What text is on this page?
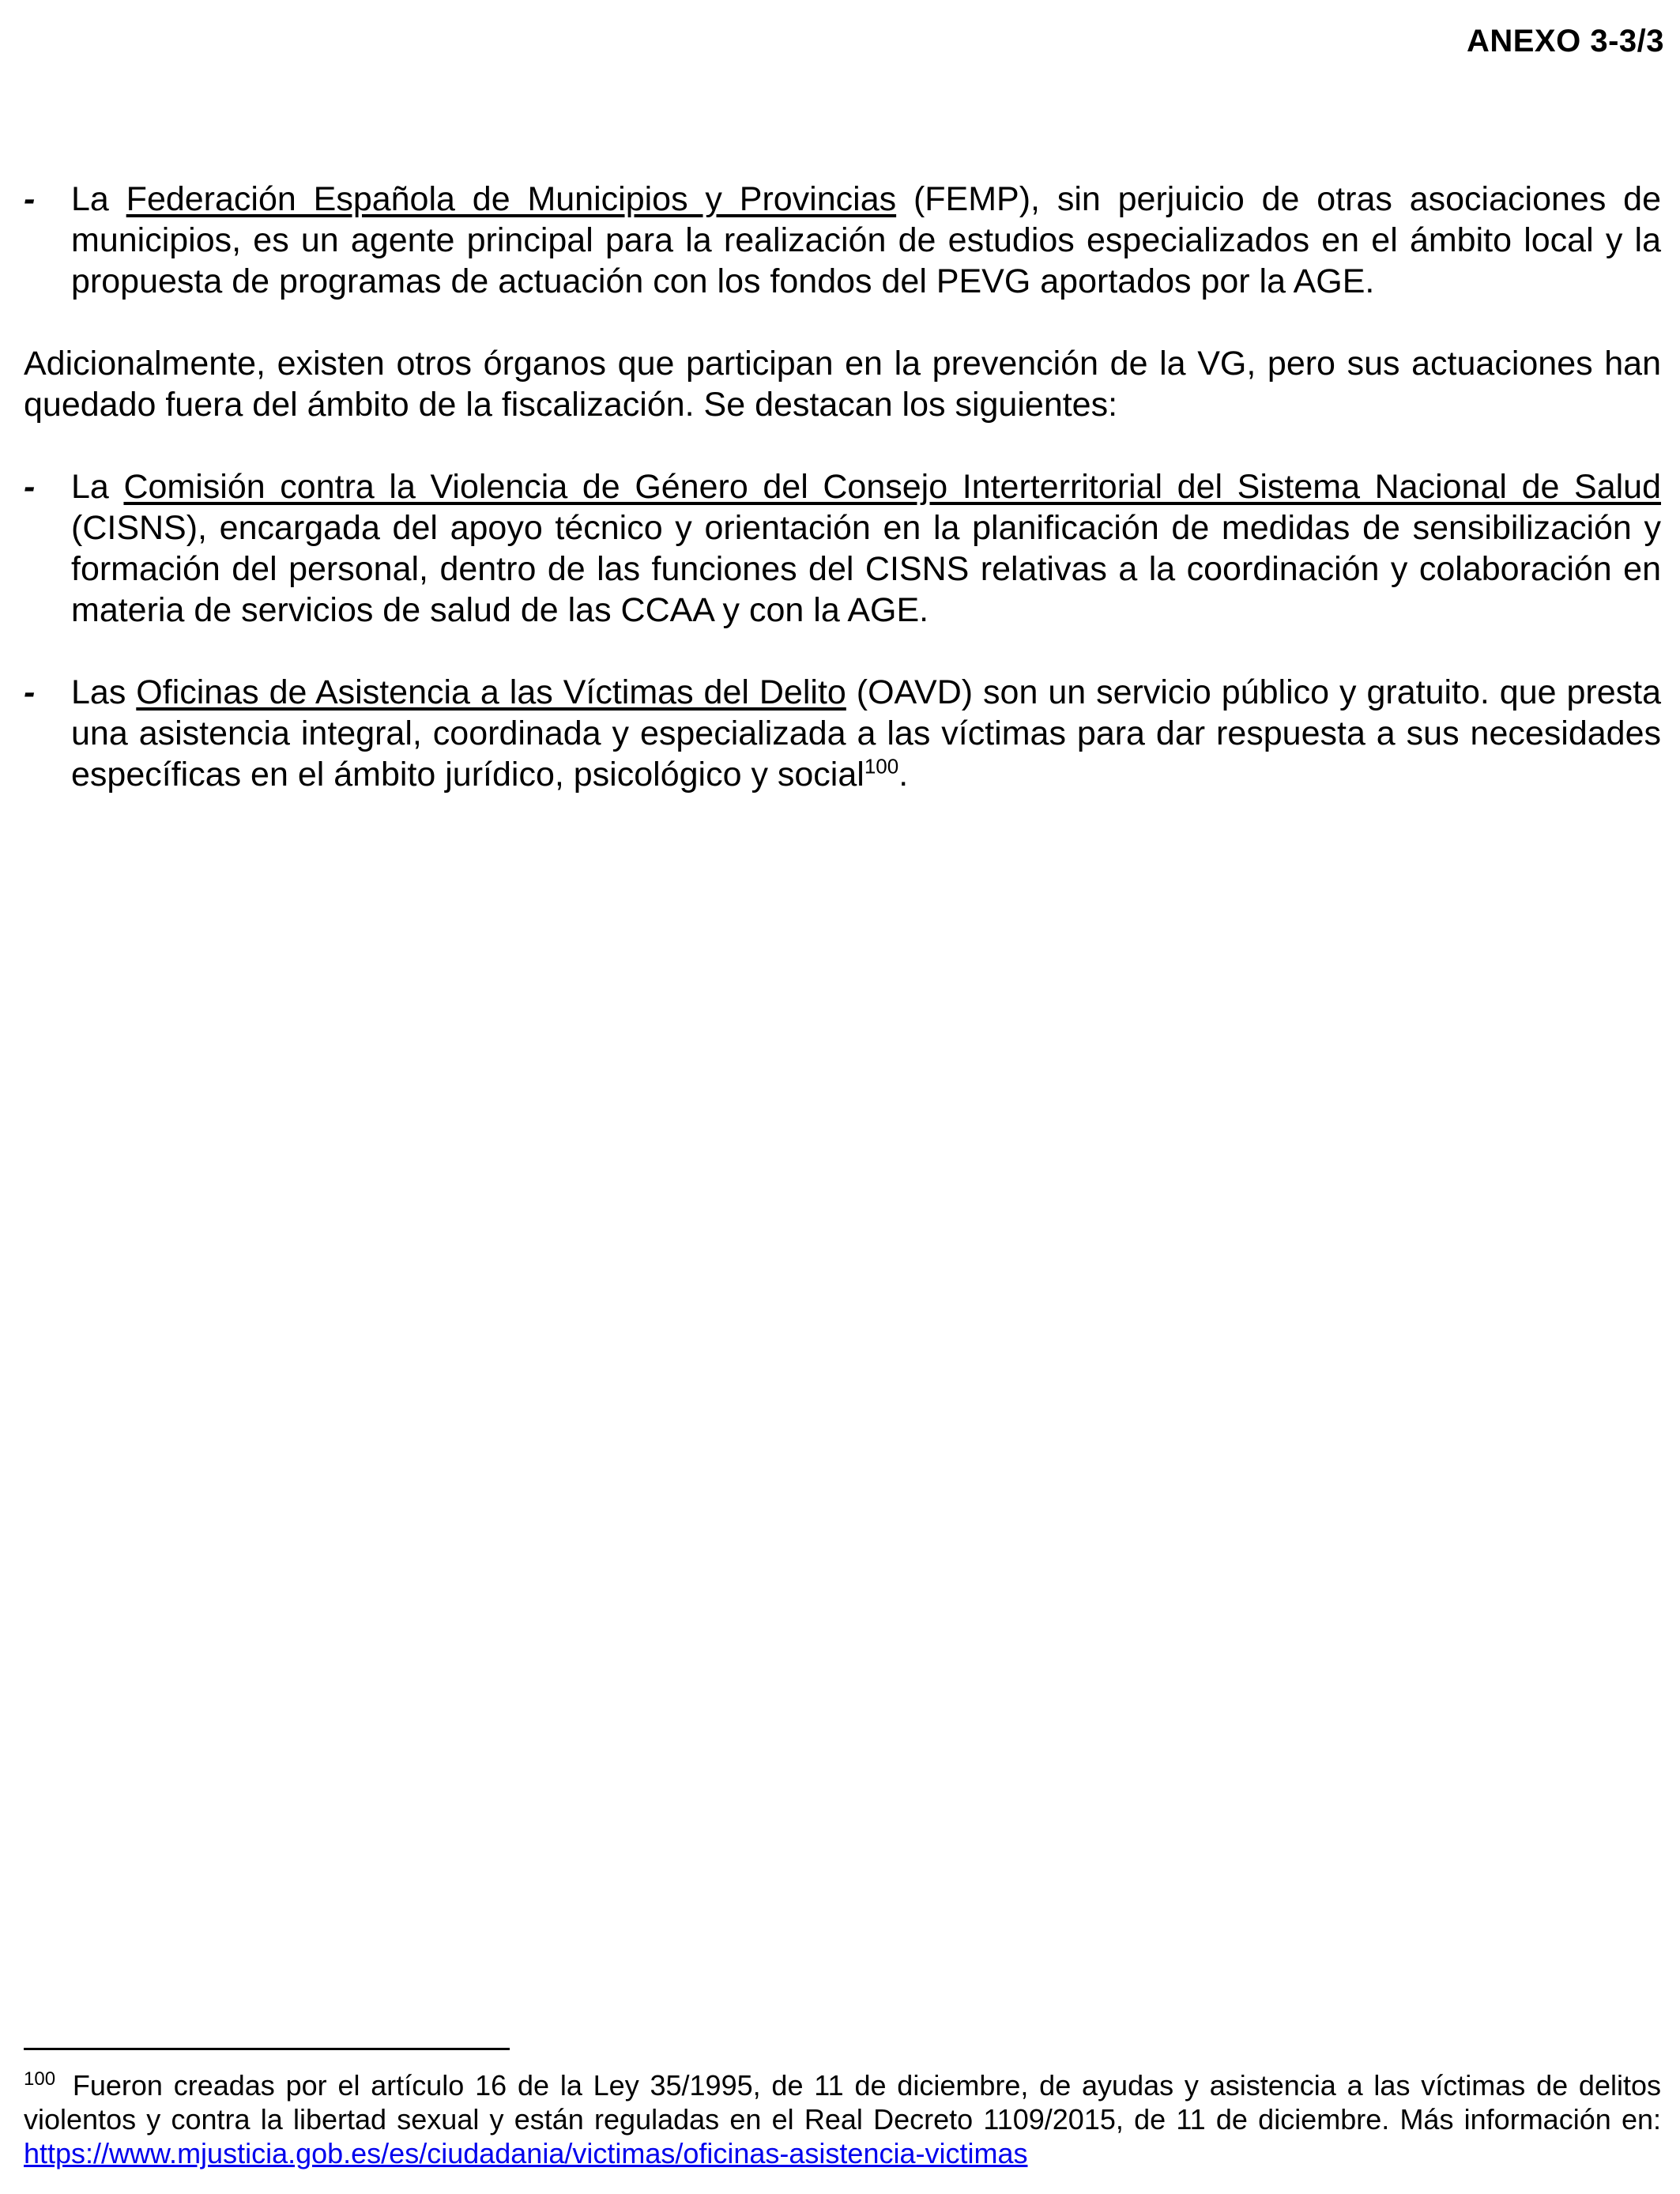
ANEXO 3-3/3
- La Federación Española de Municipios y Provincias (FEMP), sin perjuicio de otras asociaciones de municipios, es un agente principal para la realización de estudios especializados en el ámbito local y la propuesta de programas de actuación con los fondos del PEVG aportados por la AGE.

Adicionalmente, existen otros órganos que participan en la prevención de la VG, pero sus actuaciones han quedado fuera del ámbito de la fiscalización. Se destacan los siguientes:

- La Comisión contra la Violencia de Género del Consejo Interterritorial del Sistema Nacional de Salud (CISNS), encargada del apoyo técnico y orientación en la planificación de medidas de sensibilización y formación del personal, dentro de las funciones del CISNS relativas a la coordinación y colaboración en materia de servicios de salud de las CCAA y con la AGE.
- Las Oficinas de Asistencia a las Víctimas del Delito (OAVD) son un servicio público y gratuito. que presta una asistencia integral, coordinada y especializada a las víctimas para dar respuesta a sus necesidades específicas en el ámbito jurídico, psicológico y social$^{100}$.
$^{100}$ Fueron creadas por el artículo 16 de la Ley 35/1995, de 11 de diciembre, de ayudas y asistencia a las víctimas de delitos violentos y contra la libertad sexual y están reguladas en el Real Decreto 1109/2015, de 11 de diciembre. Más información en: https://www.mjusticia.gob.es/es/ciudadania/victimas/oficinas-asistencia-victimas
